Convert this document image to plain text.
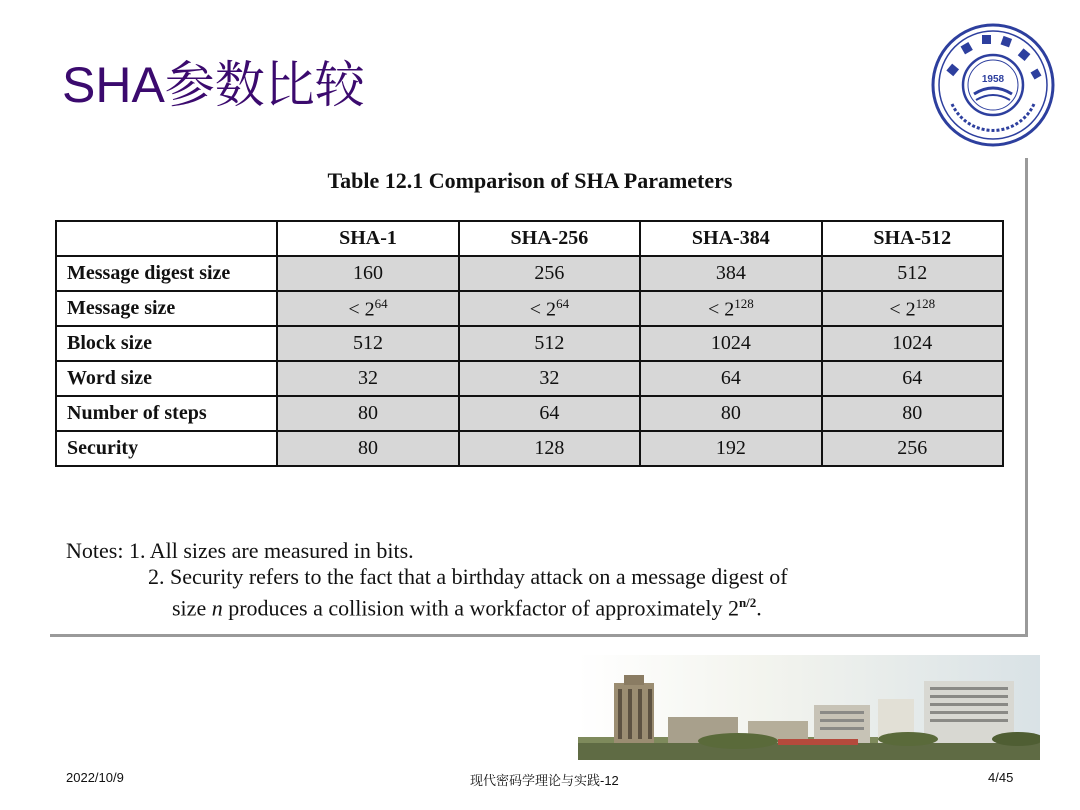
SHA参数比较	1958
Table 12.1 Comparison of SHA Parameters
	SHA-1	SHA-256	SHA-384	SHA-512
Message digest size	160	256	384	512
Message size	< $2^{64}$	< $2^{64}$	< $2^{128}$	< $2^{128}$
Block size	512	512	1024	1024
Word size	32	32	64	64
Number of steps	80	64	80	80
Security	80	128	192	256
Notes: 1. All sizes are measured in bits.
2. Security refers to the fact that a birthday attack on a message digest of
size n produces a collision with a workfactor of approximately $2^{n/2}$.
2022/10/9	现代密码学理论与实践-12	4/45
